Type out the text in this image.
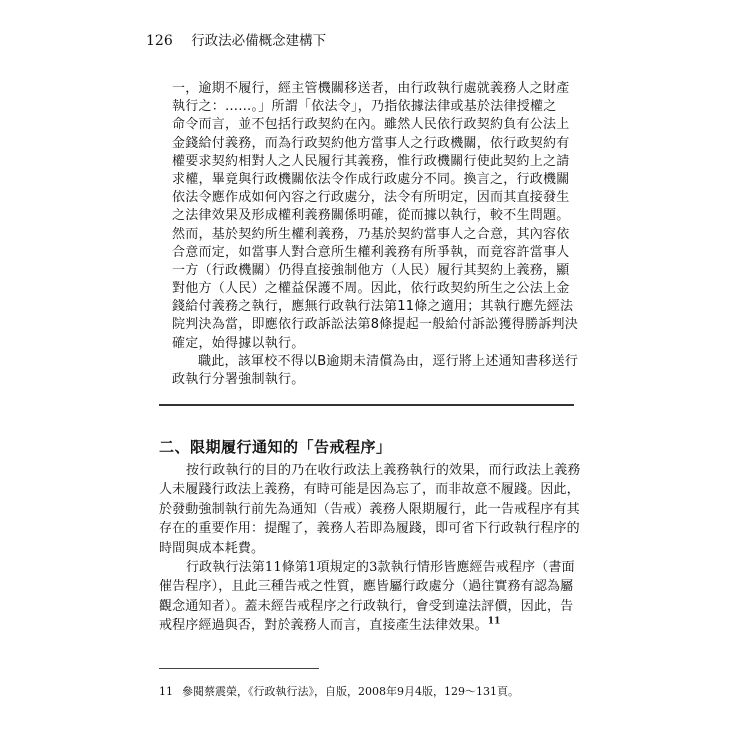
126 行政法必備概念建構下
一，逾期不履行，經主管機關移送者，由行政執行處就義務人之財產
執行之：……。」所謂「依法令」，乃指依據法律或基於法律授權之
命令而言，並不包括行政契約在內。雖然人民依行政契約負有公法上
金錢給付義務，而為行政契約他方當事人之行政機關，依行政契約有
權要求契約相對人之人民履行其義務，惟行政機關行使此契約上之請
求權，畢竟與行政機關依法令作成行政處分不同。換言之，行政機關
依法令應作成如何內容之行政處分，法令有所明定，因而其直接發生
之法律效果及形成權利義務關係明確，從而據以執行，較不生問題。
然而，基於契約所生權利義務，乃基於契約當事人之合意，其內容依
合意而定，如當事人對合意所生權利義務有所爭執，而竟容許當事人
一方（行政機關）仍得直接強制他方（人民）履行其契約上義務，顯
對他方（人民）之權益保護不周。因此，依行政契約所生之公法上金
錢給付義務之執行，應無行政執行法第11條之適用；其執行應先經法
院判決為當，即應依行政訴訟法第8條提起一般給付訴訟獲得勝訴判決
確定，始得據以執行。
職此，該軍校不得以B逾期未清償為由，逕行將上述通知書移送行
政執行分署強制執行。
二、限期履行通知的「告戒程序」
按行政執行的目的乃在收行政法上義務執行的效果，而行政法上義務
人未履踐行政法上義務，有時可能是因為忘了，而非故意不履踐。因此，
於發動強制執行前先為通知（告戒）義務人限期履行，此一告戒程序有其
存在的重要作用：提醒了，義務人若即為履踐，即可省下行政執行程序的
時間與成本耗費。
行政執行法第11條第1項規定的3款執行情形皆應經告戒程序（書面
催告程序），且此三種告戒之性質，應皆屬行政處分（過往實務有認為屬
觀念通知者）。蓋未經告戒程序之行政執行，會受到違法評價，因此，告
戒程序經過與否，對於義務人而言，直接產生法律效果。$^{11}$
11 參閱蔡震榮，《行政執行法》，自版，2008年9月4版，129～131頁。
